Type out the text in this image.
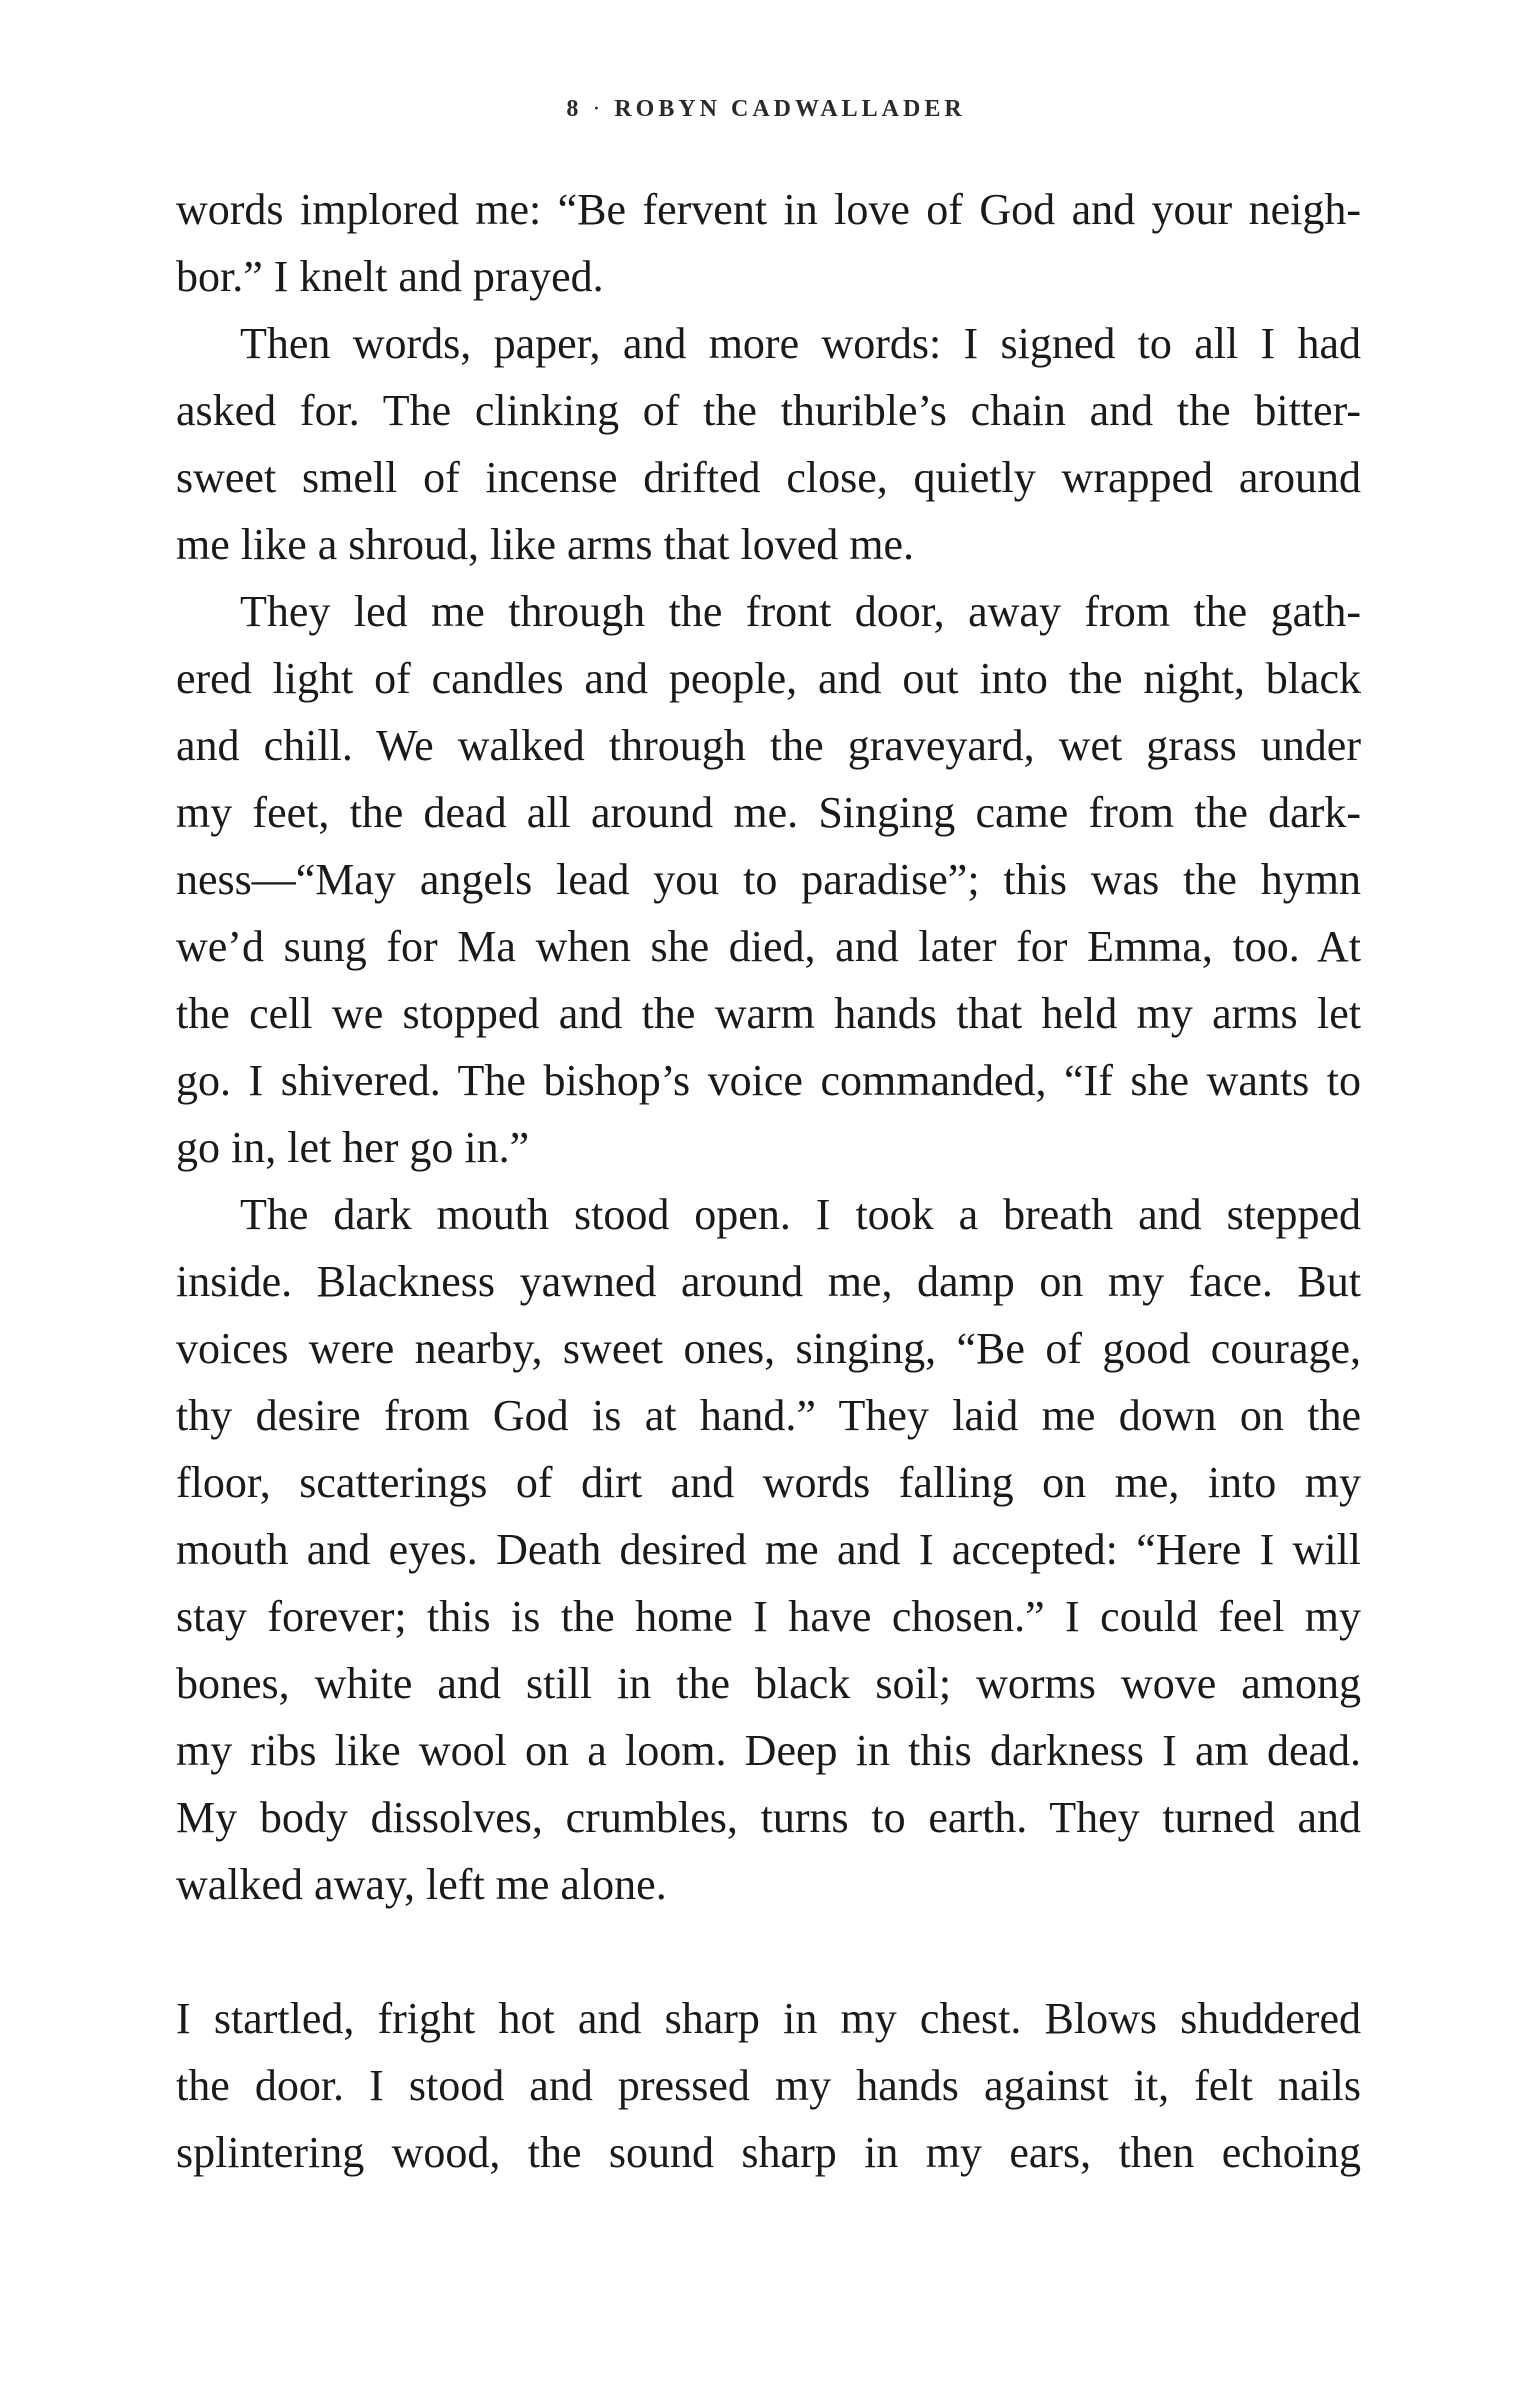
8 · ROBYN CADWALLADER

words implored me: “Be fervent in love of God and your neigh-
bor.” I knelt and prayed.

Then words, paper, and more words: I signed to all I had
asked for. The clinking of the thurible’s chain and the bitter-
sweet smell of incense drifted close, quietly wrapped around
me like a shroud, like arms that loved me.

They led me through the front door, away from the gath-
ered light of candles and people, and out into the night, black
and chill. We walked through the graveyard, wet grass under
my feet, the dead all around me. Singing came from the dark-
ness—“May angels lead you to paradise”; this was the hymn
we’d sung for Ma when she died, and later for Emma, too. At
the cell we stopped and the warm hands that held my arms let
go. I shivered. The bishop’s voice commanded, “If she wants to
go in, let her go in.”

The dark mouth stood open. I took a breath and stepped
inside. Blackness yawned around me, damp on my face. But
voices were nearby, sweet ones, singing, “Be of good courage,
thy desire from God is at hand.” They laid me down on the
floor, scatterings of dirt and words falling on me, into my
mouth and eyes. Death desired me and I accepted: “Here I will
stay forever; this is the home I have chosen.” I could feel my
bones, white and still in the black soil; worms wove among
my ribs like wool on a loom. Deep in this darkness I am dead.
My body dissolves, crumbles, turns to earth. They turned and
walked away, left me alone.

I startled, fright hot and sharp in my chest. Blows shuddered
the door. I stood and pressed my hands against it, felt nails
splintering wood, the sound sharp in my ears, then echoing
